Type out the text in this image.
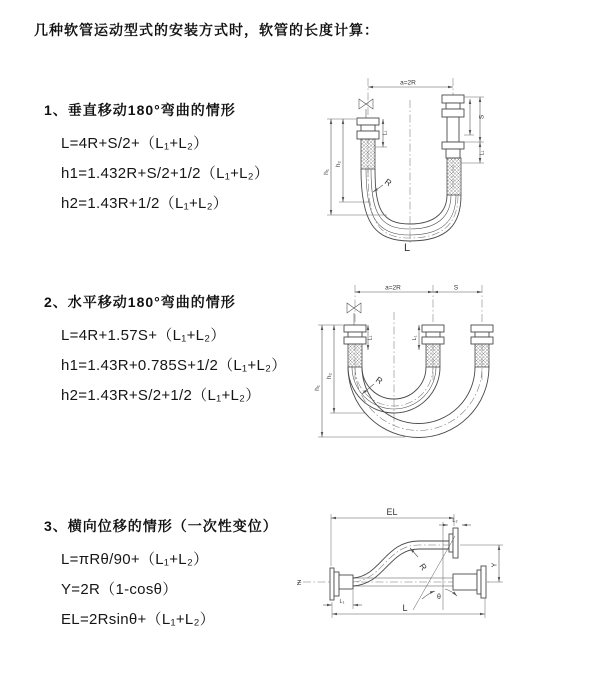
几种软管运动型式的安装方式时，软管的长度计算：
1、垂直移动180°弯曲的情形
L=4R+S/2+（L₁+L₂）
h1=1.432R+S/2+1/2（L₁+L₂）
h2=1.43R+1/2（L₁+L₂）
2、水平移动180°弯曲的情形
L=4R+1.57S+（L₁+L₂）
h1=1.43R+0.785S+1/2（L₁+L₂）
h2=1.43R+S/2+1/2（L₁+L₂）
3、横向位移的情形（一次性变位）
L=πRθ/90+（L₁+L₂）
Y=2R（1-cosθ）
EL=2Rsinθ+（L₁+L₂）
a=2R
R
h₁
h₂
S
L₁
L₁
L
a=2R	S
R
h₁
h₂
L₁	L₁
Ƶ
θ
R
EL
L₂
Y
L
L₁
